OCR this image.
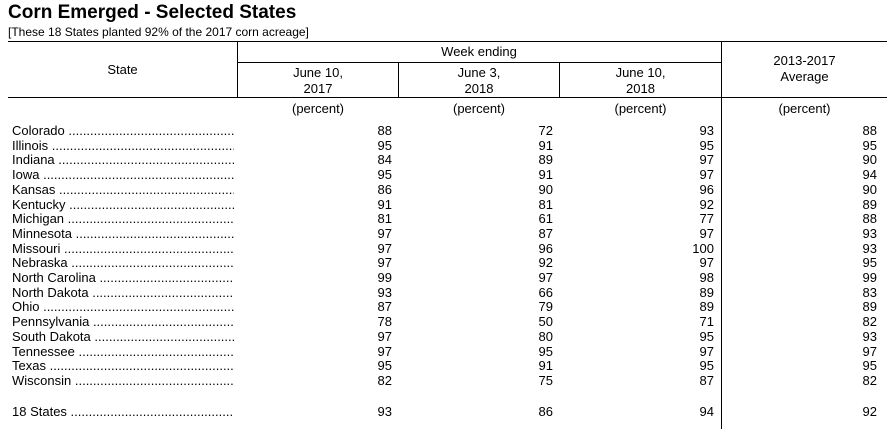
Corn Emerged - Selected States
[These 18 States planted 92% of the 2017 corn acreage]
State
Week ending
June 10,
2017
June 3,
2018
June 10,
2018
2013-2017
Average
(percent)	(percent)	(percent)	(percent)
Colorado .....	88	72	93	88
Illinois .....	95	91	95	95
Indiana .....	84	89	97	90
Iowa .....	95	91	97	94
Kansas .....	86	90	96	90
Kentucky .....	91	81	92	89
Michigan .....	81	61	77	88
Minnesota .....	97	87	97	93
Missouri .....	97	96	100	93
Nebraska .....	97	92	97	95
North Carolina .....	99	97	98	99
North Dakota .....	93	66	89	83
Ohio .....	87	79	89	89
Pennsylvania .....	78	50	71	82
South Dakota .....	97	80	95	93
Tennessee .....	97	95	97	97
Texas .....	95	91	95	95
Wisconsin .....	82	75	87	82
18 States .....	93	86	94	92
